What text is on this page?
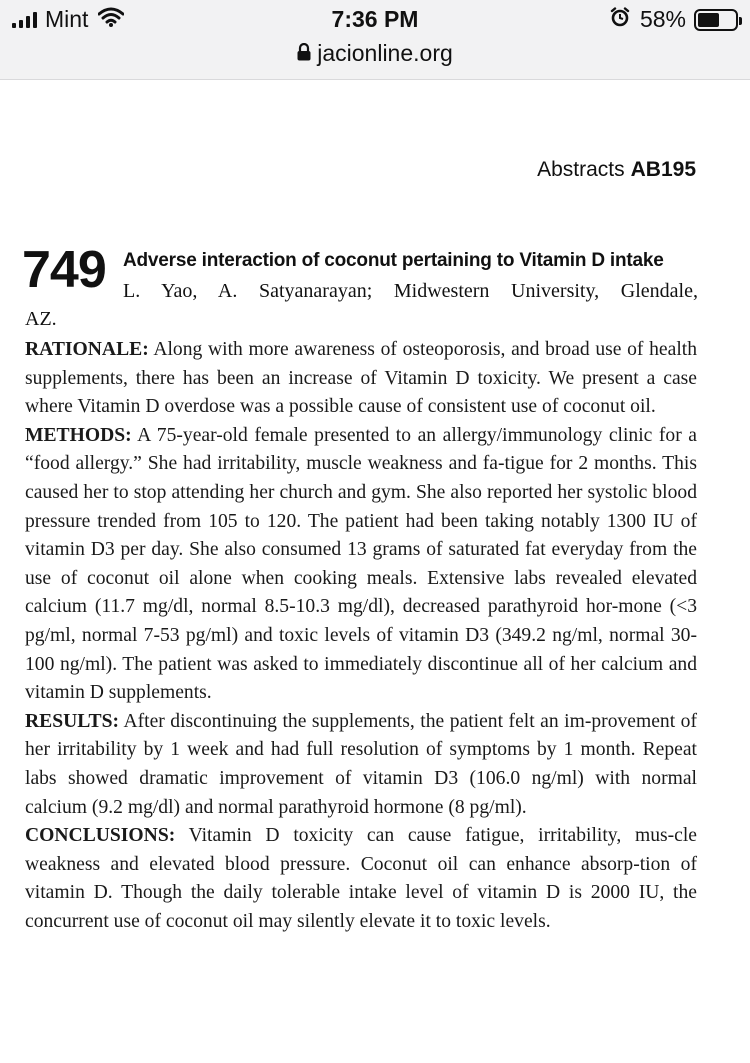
Mint	7:36 PM	58%
jacionline.org
Abstracts AB195
749 Adverse interaction of coconut pertaining to Vitamin D intake
L. Yao, A. Satyanarayan; Midwestern University, Glendale,
AZ.

RATIONALE: Along with more awareness of osteoporosis, and broad use of health supplements, there has been an increase of Vitamin D toxicity. We present a case where Vitamin D overdose was a possible cause of consistent use of coconut oil.

METHODS: A 75-year-old female presented to an allergy/immunology clinic for a “food allergy.” She had irritability, muscle weakness and fa-tigue for 2 months. This caused her to stop attending her church and gym. She also reported her systolic blood pressure trended from 105 to 120. The patient had been taking notably 1300 IU of vitamin D3 per day. She also consumed 13 grams of saturated fat everyday from the use of coconut oil alone when cooking meals. Extensive labs revealed elevated calcium (11.7 mg/dl, normal 8.5-10.3 mg/dl), decreased parathyroid hor-mone (<3 pg/ml, normal 7-53 pg/ml) and toxic levels of vitamin D3 (349.2 ng/ml, normal 30-100 ng/ml). The patient was asked to immediately discontinue all of her calcium and vitamin D supplements.

RESULTS: After discontinuing the supplements, the patient felt an im-provement of her irritability by 1 week and had full resolution of symptoms by 1 month. Repeat labs showed dramatic improvement of vitamin D3 (106.0 ng/ml) with normal calcium (9.2 mg/dl) and normal parathyroid hormone (8 pg/ml).

CONCLUSIONS: Vitamin D toxicity can cause fatigue, irritability, mus-cle weakness and elevated blood pressure. Coconut oil can enhance absorp-tion of vitamin D. Though the daily tolerable intake level of vitamin D is 2000 IU, the concurrent use of coconut oil may silently elevate it to toxic levels.
